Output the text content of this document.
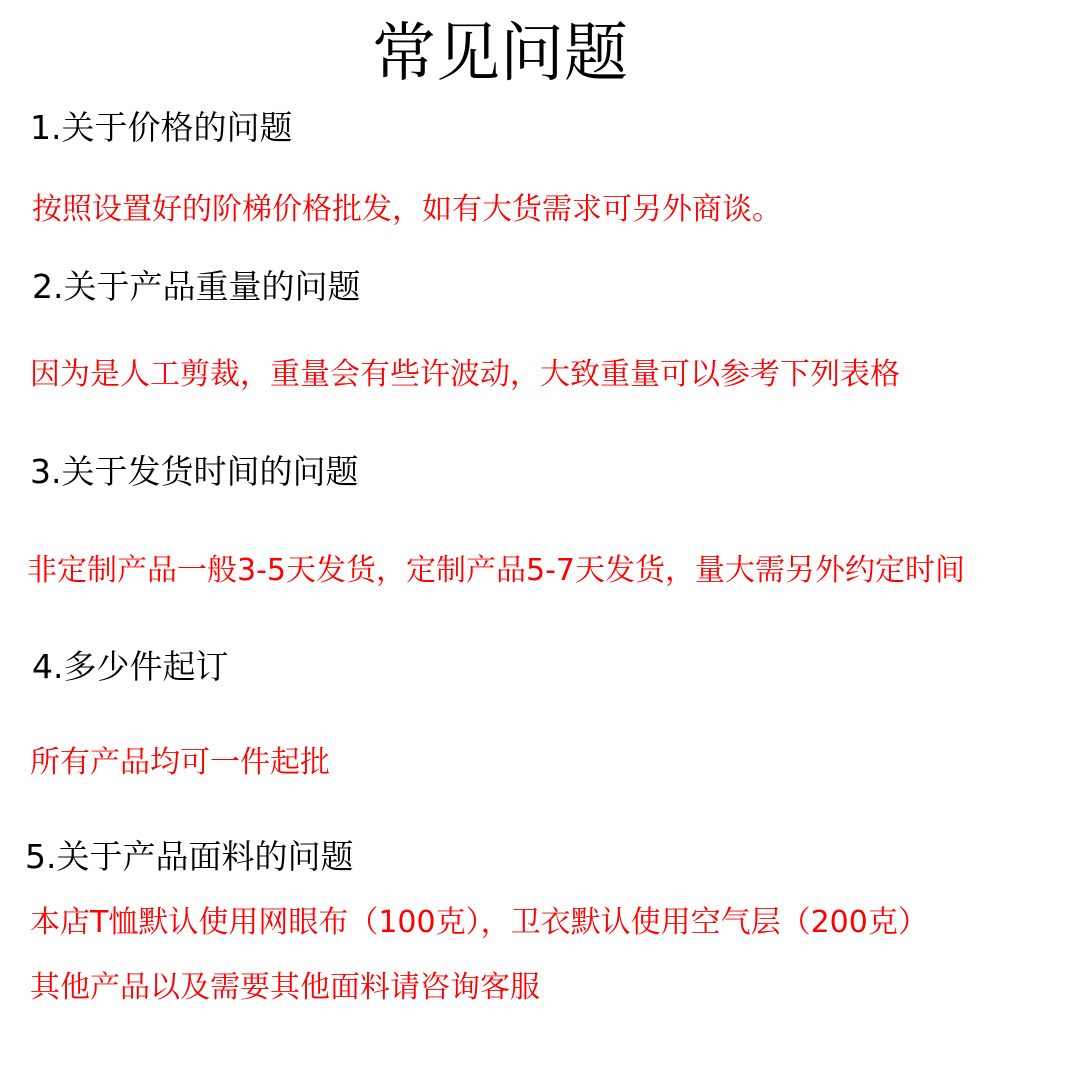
常见问题
1.关于价格的问题
按照设置好的阶梯价格批发，如有大货需求可另外商谈。
2.关于产品重量的问题
因为是人工剪裁，重量会有些许波动，大致重量可以参考下列表格
3.关于发货时间的问题
非定制产品一般3-5天发货，定制产品5-7天发货，量大需另外约定时间
4.多少件起订
所有产品均可一件起批
5.关于产品面料的问题
本店T恤默认使用网眼布（100克），卫衣默认使用空气层（200克）
其他产品以及需要其他面料请咨询客服
